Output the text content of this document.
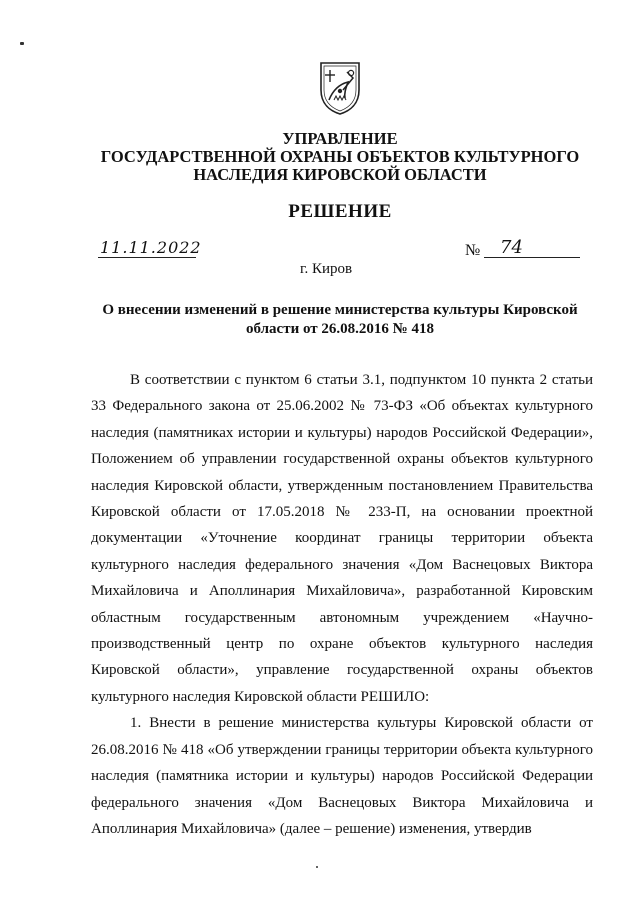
УПРАВЛЕНИЕ
ГОСУДАРСТВЕННОЙ ОХРАНЫ ОБЪЕКТОВ КУЛЬТУРНОГО
НАСЛЕДИЯ КИРОВСКОЙ ОБЛАСТИ
РЕШЕНИЕ
11.11.2022	№	74
г. Киров
О внесении изменений в решение министерства культуры Кировской
области от 26.08.2016 № 418

В соответствии с пунктом 6 статьи 3.1, подпунктом 10 пункта 2 статьи 33 Федерального закона от 25.06.2002 № 73-ФЗ «Об объектах культурного наследия (памятниках истории и культуры) народов Российской Федерации», Положением об управлении государственной охраны объектов культурного наследия Кировской области, утвержденным постановлением Правительства Кировской области от 17.05.2018 № 233-П, на основании проектной документации «Уточнение координат границы территории объекта культурного наследия федерального значения «Дом Васнецовых Виктора Михайловича и Аполлинария Михайловича», разработанной Кировским областным государственным автономным учреждением «Научно-производственный центр по охране объектов культурного наследия Кировской области», управление государственной охраны объектов культурного наследия Кировской области РЕШИЛО:

1. Внести в решение министерства культуры Кировской области от 26.08.2016 № 418 «Об утверждении границы территории объекта культурного наследия (памятника истории и культуры) народов Российской Федерации федерального значения «Дом Васнецовых Виктора Михайловича и Аполлинария Михайловича» (далее – решение) изменения, утвердив
